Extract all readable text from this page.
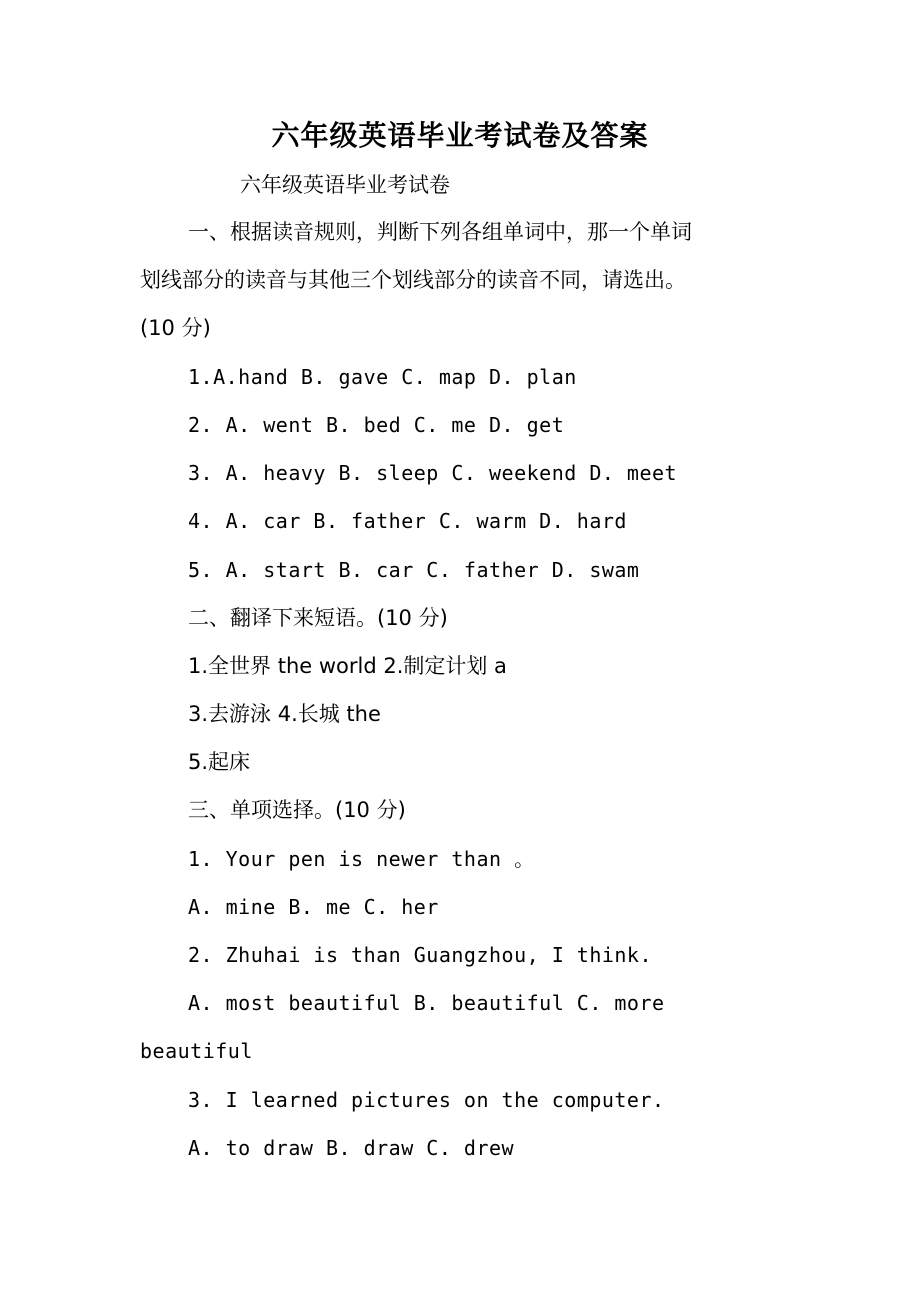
六年级英语毕业考试卷及答案
六年级英语毕业考试卷
一、根据读音规则，判断下列各组单词中，那一个单词
划线部分的读音与其他三个划线部分的读音不同，请选出。
(10 分)
1.A.hand B. gave C. map D. plan
2. A. went B. bed C. me D. get
3. A. heavy B. sleep C. weekend D. meet
4. A. car B. father C. warm D. hard
5. A. start B. car C. father D. swam
二、翻译下来短语。(10 分)
1.全世界 the world 2.制定计划 a
3.去游泳 4.长城 the
5.起床
三、单项选择。(10 分)
1. Your pen is newer than 。
A. mine B. me C. her
2. Zhuhai is than Guangzhou, I think.
A. most beautiful B. beautiful C. more
beautiful
3. I learned pictures on the computer.
A. to draw B. draw C. drew
